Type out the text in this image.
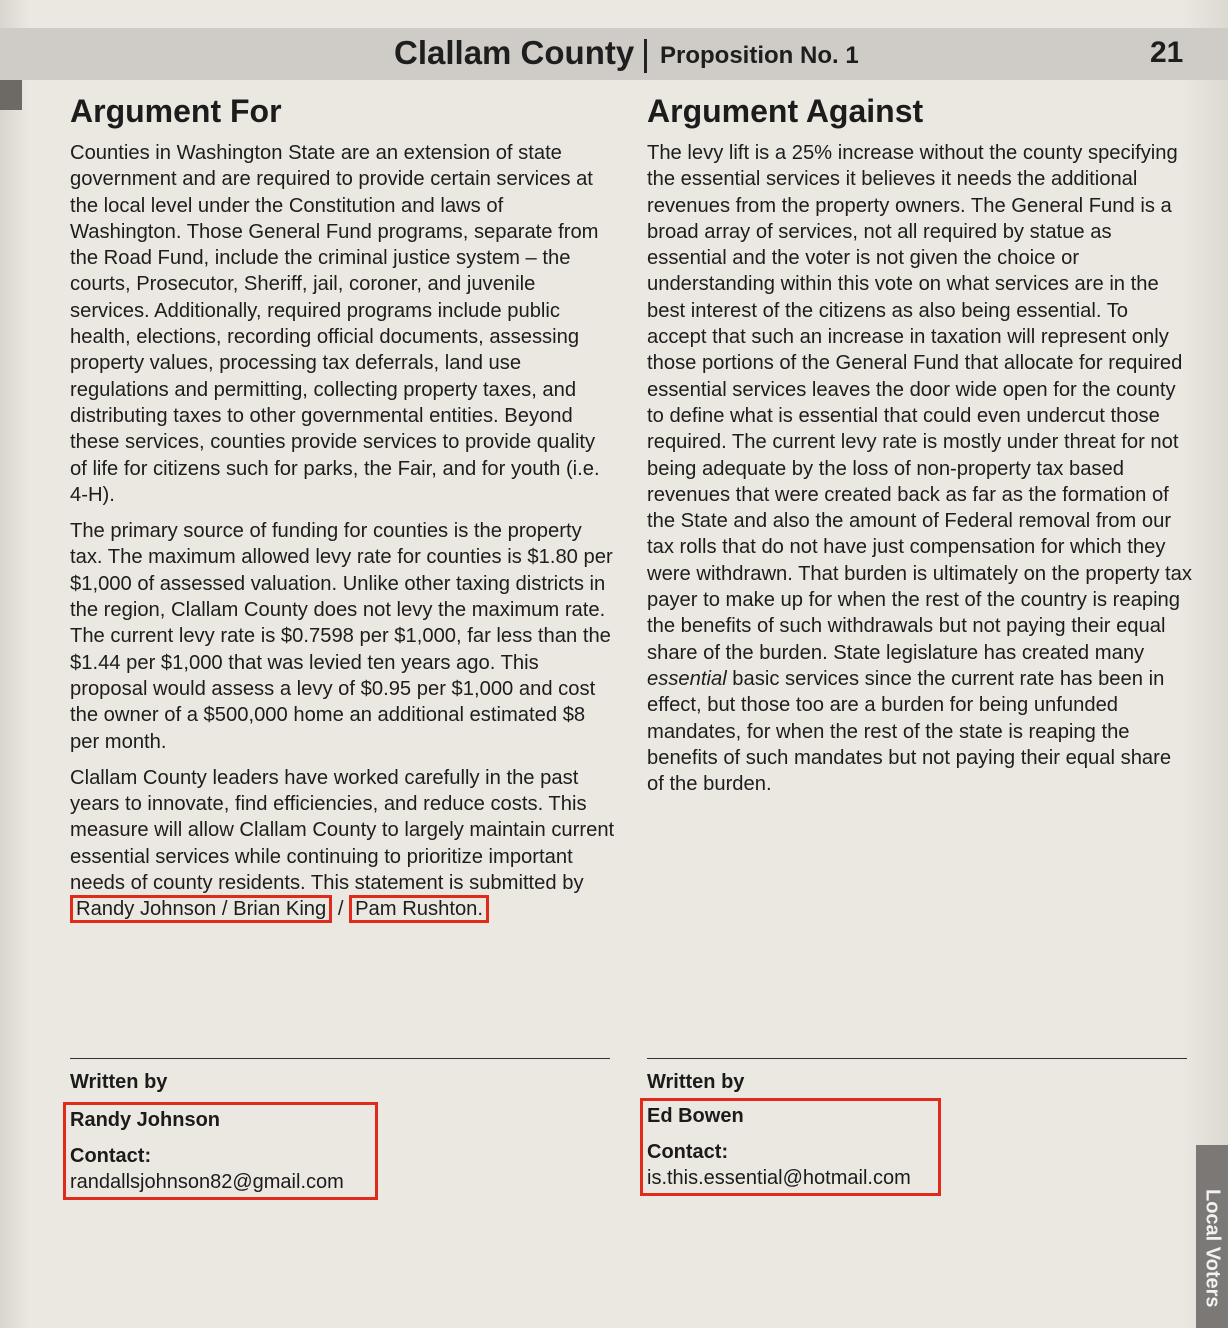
Clallam County Proposition No. 1	21
Argument For

Counties in Washington State are an extension of state government and are required to provide certain services at the local level under the Constitution and laws of Washington. Those General Fund programs, separate from the Road Fund, include the criminal justice system – the courts, Prosecutor, Sheriff, jail, coroner, and juvenile services. Additionally, required programs include public health, elections, recording official documents, assessing property values, processing tax deferrals, land use regulations and permitting, collecting property taxes, and distributing taxes to other governmental entities. Beyond these services, counties provide services to provide quality of life for citizens such for parks, the Fair, and for youth (i.e. 4-H).

The primary source of funding for counties is the property tax. The maximum allowed levy rate for counties is $1.80 per $1,000 of assessed valuation. Unlike other taxing districts in the region, Clallam County does not levy the maximum rate. The current levy rate is $0.7598 per $1,000, far less than the $1.44 per $1,000 that was levied ten years ago. This proposal would assess a levy of $0.95 per $1,000 and cost the owner of a $500,000 home an additional estimated $8 per month.

Clallam County leaders have worked carefully in the past years to innovate, find efficiencies, and reduce costs. This measure will allow Clallam County to largely maintain current essential services while continuing to prioritize important needs of county residents. This statement is submitted by Randy Johnson / Brian King / Pam Rushton.

Written by
Randy Johnson
Contact:
randallsjohnson82@gmail.com
Argument Against

The levy lift is a 25% increase without the county specifying the essential services it believes it needs the additional revenues from the property owners. The General Fund is a broad array of services, not all required by statue as essential and the voter is not given the choice or understanding within this vote on what services are in the best interest of the citizens as also being essential. To accept that such an increase in taxation will represent only those portions of the General Fund that allocate for required essential services leaves the door wide open for the county to define what is essential that could even undercut those required. The current levy rate is mostly under threat for not being adequate by the loss of non-property tax based revenues that were created back as far as the formation of the State and also the amount of Federal removal from our tax rolls that do not have just compensation for which they were withdrawn. That burden is ultimately on the property tax payer to make up for when the rest of the country is reaping the benefits of such withdrawals but not paying their equal share of the burden. State legislature has created many essential basic services since the current rate has been in effect, but those too are a burden for being unfunded mandates, for when the rest of the state is reaping the benefits of such mandates but not paying their equal share of the burden.

Written by
Ed Bowen
Contact:
is.this.essential@hotmail.com
Local Voters
